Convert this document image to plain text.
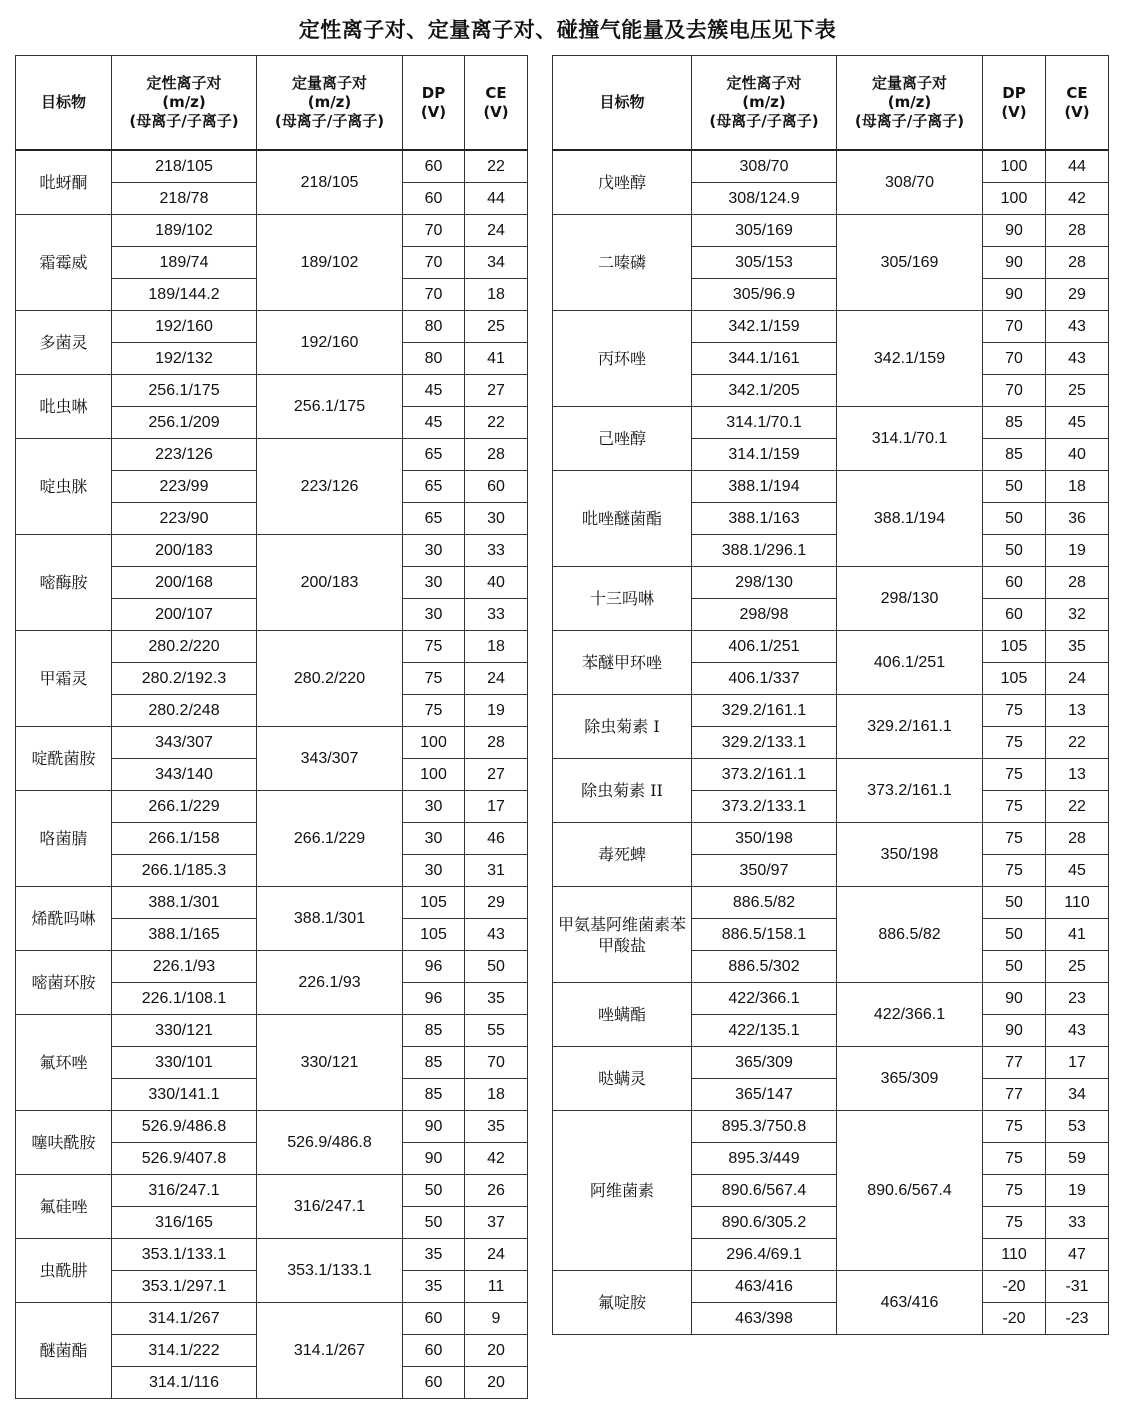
定性离子对、定量离子对、碰撞气能量及去簇电压见下表
目标物	定性离子对
(m/z)
(母离子/子离子)	定量离子对
(m/z)
(母离子/子离子)	DP
(V)	CE
(V)
吡蚜酮	218/105	218/105	60	22
	218/78		60	44
霜霉威	189/102	189/102	70	24
	189/74		70	34
	189/144.2		70	18
多菌灵	192/160	192/160	80	25
	192/132		80	41
吡虫啉	256.1/175	256.1/175	45	27
	256.1/209		45	22
啶虫脒	223/126	223/126	65	28
	223/99		65	60
	223/90		65	30
嘧酶胺	200/183	200/183	30	33
	200/168		30	40
	200/107		30	33
甲霜灵	280.2/220	280.2/220	75	18
	280.2/192.3		75	24
	280.2/248		75	19
啶酰菌胺	343/307	343/307	100	28
	343/140		100	27
咯菌腈	266.1/229	266.1/229	30	17
	266.1/158		30	46
	266.1/185.3		30	31
烯酰吗啉	388.1/301	388.1/301	105	29
	388.1/165		105	43
嘧菌环胺	226.1/93	226.1/93	96	50
	226.1/108.1		96	35
氟环唑	330/121	330/121	85	55
	330/101		85	70
	330/141.1		85	18
噻呋酰胺	526.9/486.8	526.9/486.8	90	35
	526.9/407.8		90	42
氟硅唑	316/247.1	316/247.1	50	26
	316/165		50	37
虫酰肼	353.1/133.1	353.1/133.1	35	24
	353.1/297.1		35	11
醚菌酯	314.1/267	314.1/267	60	9
	314.1/222		60	20
	314.1/116		60	20
目标物	定性离子对
(m/z)
(母离子/子离子)	定量离子对
(m/z)
(母离子/子离子)	DP
(V)	CE
(V)
戊唑醇	308/70	308/70	100	44
	308/124.9		100	42
二嗪磷	305/169	305/169	90	28
	305/153		90	28
	305/96.9		90	29
丙环唑	342.1/159	342.1/159	70	43
	344.1/161		70	43
	342.1/205		70	25
己唑醇	314.1/70.1	314.1/70.1	85	45
	314.1/159		85	40
吡唑醚菌酯	388.1/194	388.1/194	50	18
	388.1/163		50	36
	388.1/296.1		50	19
十三吗啉	298/130	298/130	60	28
	298/98		60	32
苯醚甲环唑	406.1/251	406.1/251	105	35
	406.1/337		105	24
除虫菊素 I	329.2/161.1	329.2/161.1	75	13
	329.2/133.1		75	22
除虫菊素 II	373.2/161.1	373.2/161.1	75	13
	373.2/133.1		75	22
毒死蜱	350/198	350/198	75	28
	350/97		75	45
甲氨基阿维菌素苯甲酸盐	886.5/82	886.5/82	50	110
	886.5/158.1		50	41
	886.5/302		50	25
唑螨酯	422/366.1	422/366.1	90	23
	422/135.1		90	43
哒螨灵	365/309	365/309	77	17
	365/147		77	34
阿维菌素	895.3/750.8	890.6/567.4	75	53
	895.3/449		75	59
	890.6/567.4		75	19
	890.6/305.2		75	33
	296.4/69.1		110	47
氟啶胺	463/416	463/416	-20	-31
	463/398		-20	-23
